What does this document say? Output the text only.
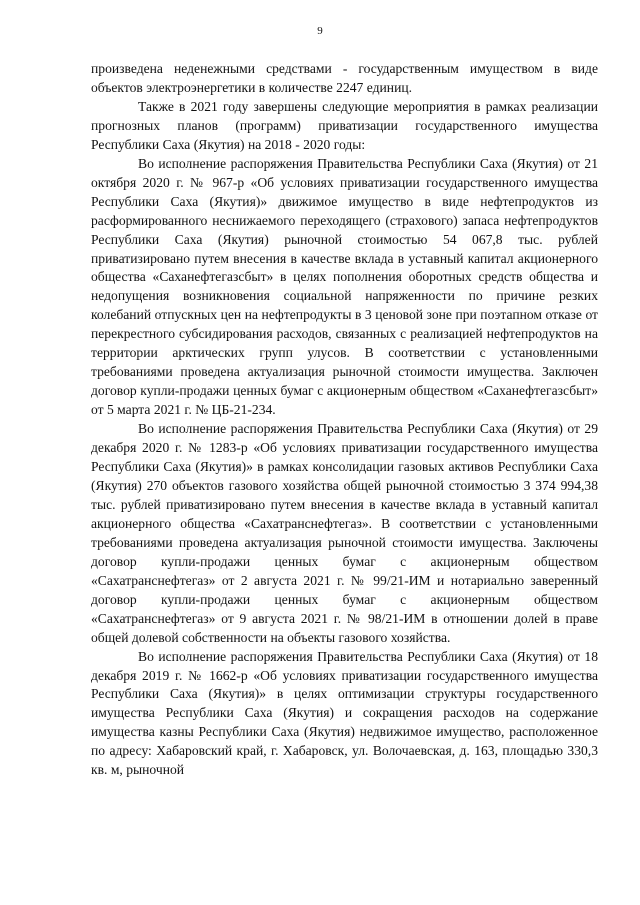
9

произведена неденежными средствами - государственным имуществом в виде объектов электроэнергетики в количестве 2247 единиц.

Также в 2021 году завершены следующие мероприятия в рамках реализации прогнозных планов (программ) приватизации государственного имущества Республики Саха (Якутия) на 2018 - 2020 годы:

Во исполнение распоряжения Правительства Республики Саха (Якутия) от 21 октября 2020 г. № 967-р «Об условиях приватизации государственного имущества Республики Саха (Якутия)» движимое имущество в виде нефтепродуктов из расформированного неснижаемого переходящего (страхового) запаса нефтепродуктов Республики Саха (Якутия) рыночной стоимостью 54 067,8 тыс. рублей приватизировано путем внесения в качестве вклада в уставный капитал акционерного общества «Саханефтегазсбыт» в целях пополнения оборотных средств общества и недопущения возникновения социальной напряженности по причине резких колебаний отпускных цен на нефтепродукты в 3 ценовой зоне при поэтапном отказе от перекрестного субсидирования расходов, связанных с реализацией нефтепродуктов на территории арктических групп улусов. В соответствии с установленными требованиями проведена актуализация рыночной стоимости имущества. Заключен договор купли-продажи ценных бумаг с акционерным обществом «Саханефтегазсбыт» от 5 марта 2021 г. № ЦБ-21-234.

Во исполнение распоряжения Правительства Республики Саха (Якутия) от 29 декабря 2020 г. № 1283-р «Об условиях приватизации государственного имущества Республики Саха (Якутия)» в рамках консолидации газовых активов Республики Саха (Якутия) 270 объектов газового хозяйства общей рыночной стоимостью 3 374 994,38 тыс. рублей приватизировано путем внесения в качестве вклада в уставный капитал акционерного общества «Сахатранснефтегаз». В соответствии с установленными требованиями проведена актуализация рыночной стоимости имущества. Заключены договор купли-продажи ценных бумаг с акционерным обществом «Сахатранснефтегаз» от 2 августа 2021 г. № 99/21-ИМ и нотариально заверенный договор купли-продажи ценных бумаг с акционерным обществом «Сахатранснефтегаз» от 9 августа 2021 г. № 98/21-ИМ в отношении долей в праве общей долевой собственности на объекты газового хозяйства.

Во исполнение распоряжения Правительства Республики Саха (Якутия) от 18 декабря 2019 г. № 1662-р «Об условиях приватизации государственного имущества Республики Саха (Якутия)» в целях оптимизации структуры государственного имущества Республики Саха (Якутия) и сокращения расходов на содержание имущества казны Республики Саха (Якутия) недвижимое имущество, расположенное по адресу: Хабаровский край, г. Хабаровск, ул. Волочаевская, д. 163, площадью 330,3 кв. м, рыночной
